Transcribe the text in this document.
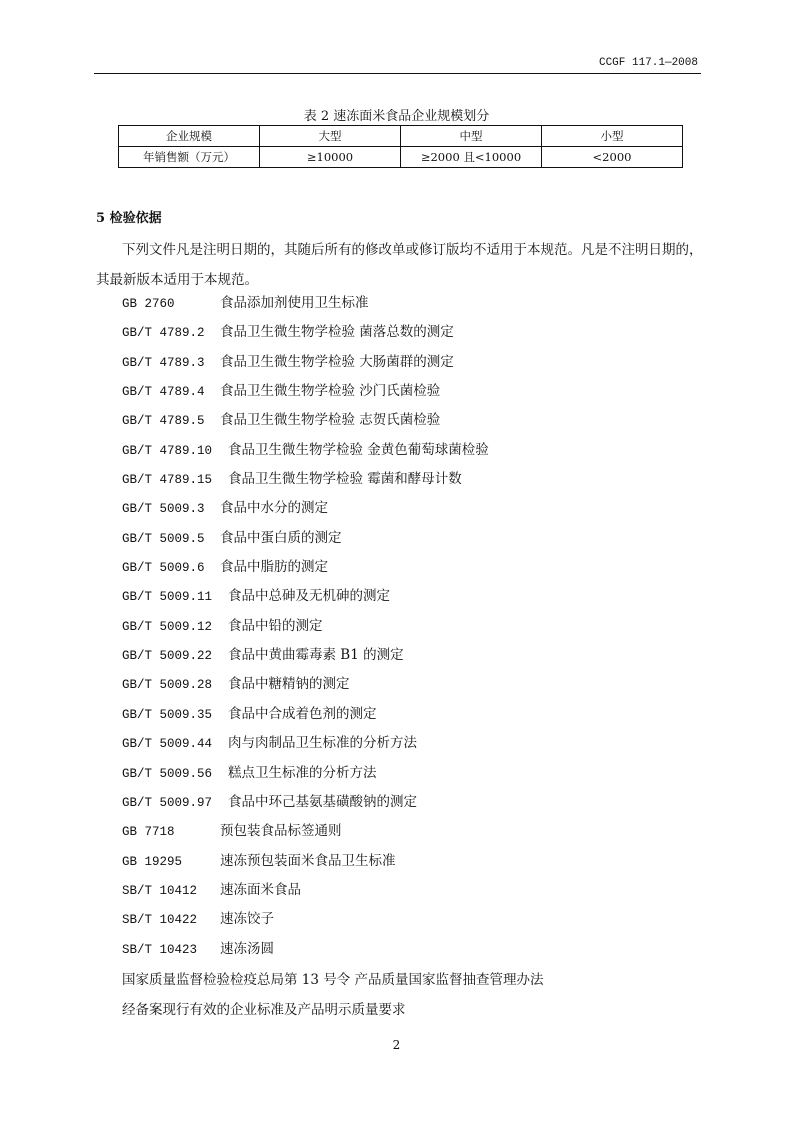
CCGF 117.1—2008
表 2 速冻面米食品企业规模划分
企业规模	大型	中型	小型
年销售额（万元）	≥10000	≥2000 且<10000	<2000
5 检验依据
下列文件凡是注明日期的，其随后所有的修改单或修订版均不适用于本规范。凡是不注明日期的，其最新版本适用于本规范。
GB 2760	食品添加剂使用卫生标准
GB/T 4789.2 食品卫生微生物学检验 菌落总数的测定
GB/T 4789.3 食品卫生微生物学检验 大肠菌群的测定
GB/T 4789.4 食品卫生微生物学检验 沙门氏菌检验
GB/T 4789.5 食品卫生微生物学检验 志贺氏菌检验
GB/T 4789.10 食品卫生微生物学检验 金黄色葡萄球菌检验
GB/T 4789.15 食品卫生微生物学检验 霉菌和酵母计数
GB/T 5009.3 食品中水分的测定
GB/T 5009.5 食品中蛋白质的测定
GB/T 5009.6 食品中脂肪的测定
GB/T 5009.11 食品中总砷及无机砷的测定
GB/T 5009.12 食品中铅的测定
GB/T 5009.22 食品中黄曲霉毒素 B1 的测定
GB/T 5009.28 食品中糖精钠的测定
GB/T 5009.35 食品中合成着色剂的测定
GB/T 5009.44 肉与肉制品卫生标准的分析方法
GB/T 5009.56 糕点卫生标准的分析方法
GB/T 5009.97 食品中环己基氨基磺酸钠的测定
GB 7718	预包装食品标签通则
GB 19295	速冻预包装面米食品卫生标准
SB/T 10412 速冻面米食品
SB/T 10422 速冻饺子
SB/T 10423 速冻汤圆
国家质量监督检验检疫总局第 13 号令 产品质量国家监督抽查管理办法
经备案现行有效的企业标准及产品明示质量要求
2
